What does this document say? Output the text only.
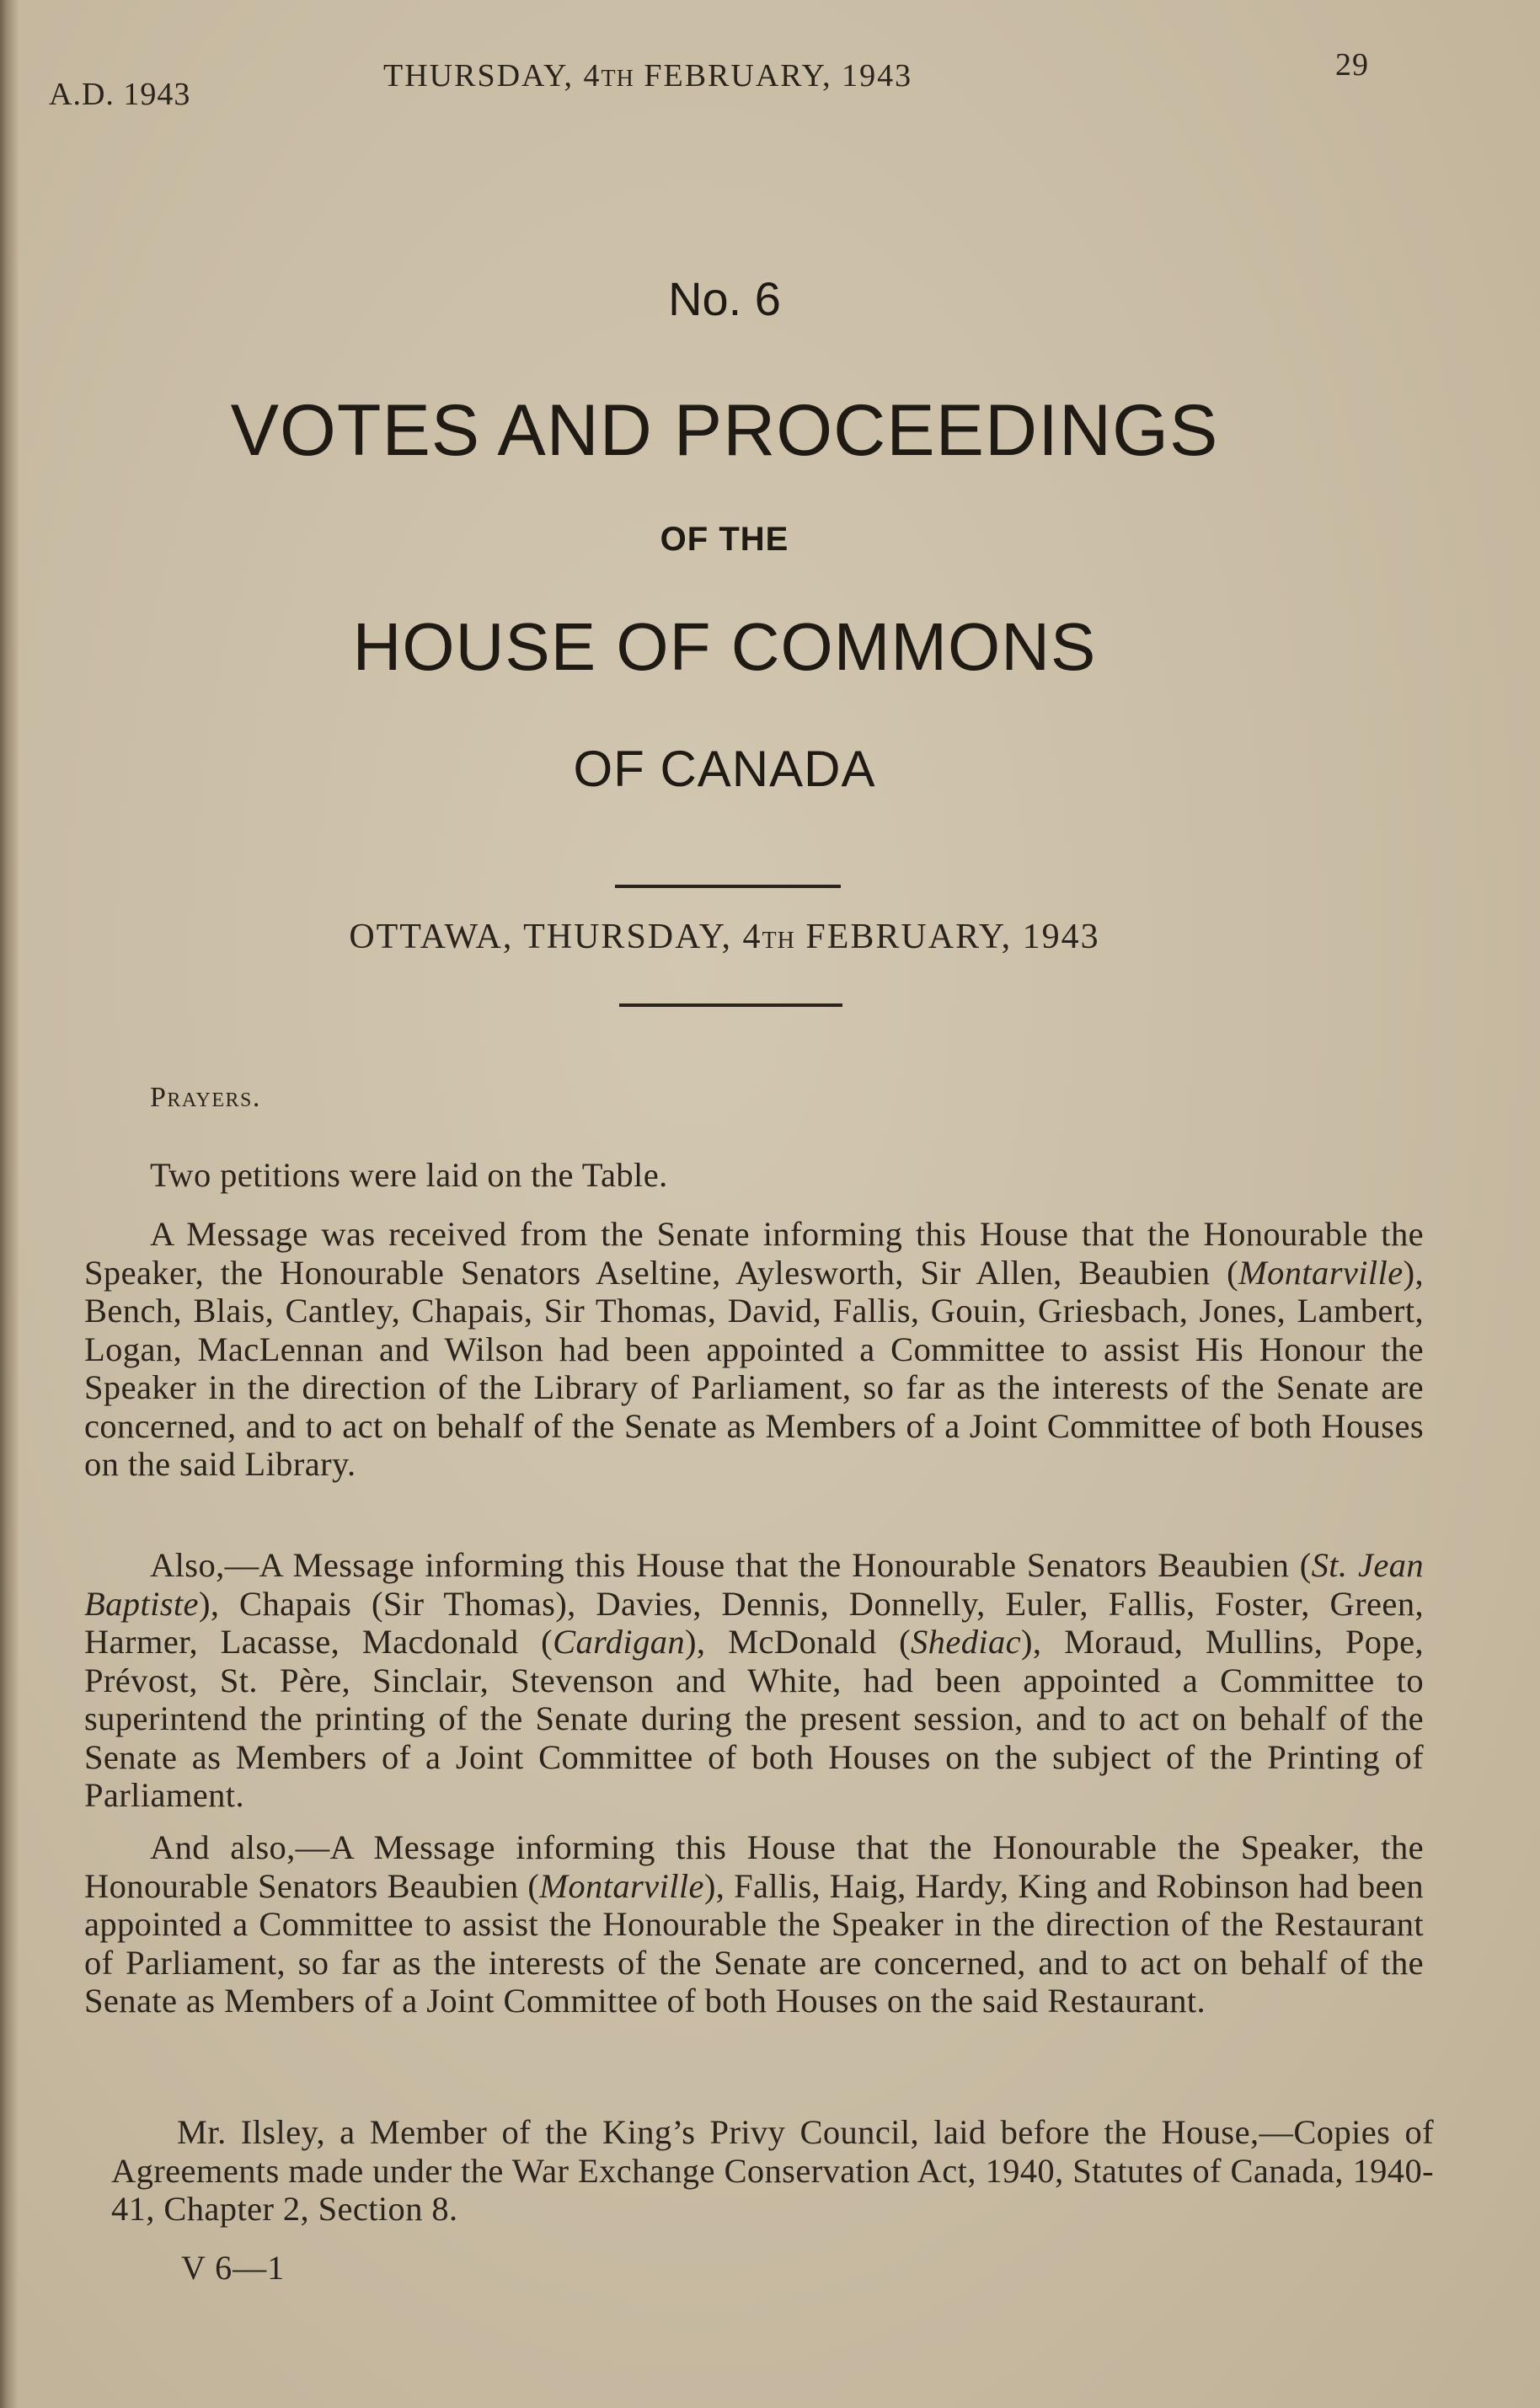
A.D. 1943
THURSDAY, 4TH FEBRUARY, 1943	29
No. 6
VOTES AND PROCEEDINGS
OF THE
HOUSE OF COMMONS
OF CANADA
OTTAWA, THURSDAY, 4TH FEBRUARY, 1943
Prayers.
Two petitions were laid on the Table.

A Message was received from the Senate informing this House that the Honourable the Speaker, the Honourable Senators Aseltine, Aylesworth, Sir Allen, Beaubien (Montarville), Bench, Blais, Cantley, Chapais, Sir Thomas, David, Fallis, Gouin, Griesbach, Jones, Lambert, Logan, MacLennan and Wilson had been appointed a Committee to assist His Honour the Speaker in the direction of the Library of Parliament, so far as the interests of the Senate are concerned, and to act on behalf of the Senate as Members of a Joint Committee of both Houses on the said Library.

Also,—A Message informing this House that the Honourable Senators Beaubien (St. Jean Baptiste), Chapais (Sir Thomas), Davies, Dennis, Donnelly, Euler, Fallis, Foster, Green, Harmer, Lacasse, Macdonald (Cardigan), McDonald (Shediac), Moraud, Mullins, Pope, Prévost, St. Père, Sinclair, Stevenson and White, had been appointed a Committee to superintend the printing of the Senate during the present session, and to act on behalf of the Senate as Members of a Joint Committee of both Houses on the subject of the Printing of Parliament.

And also,—A Message informing this House that the Honourable the Speaker, the Honourable Senators Beaubien (Montarville), Fallis, Haig, Hardy, King and Robinson had been appointed a Committee to assist the Honourable the Speaker in the direction of the Restaurant of Parliament, so far as the interests of the Senate are concerned, and to act on behalf of the Senate as Members of a Joint Committee of both Houses on the said Restaurant.

Mr. Ilsley, a Member of the King’s Privy Council, laid before the House,—Copies of Agreements made under the War Exchange Conservation Act, 1940, Statutes of Canada, 1940-41, Chapter 2, Section 8.

V 6—1
